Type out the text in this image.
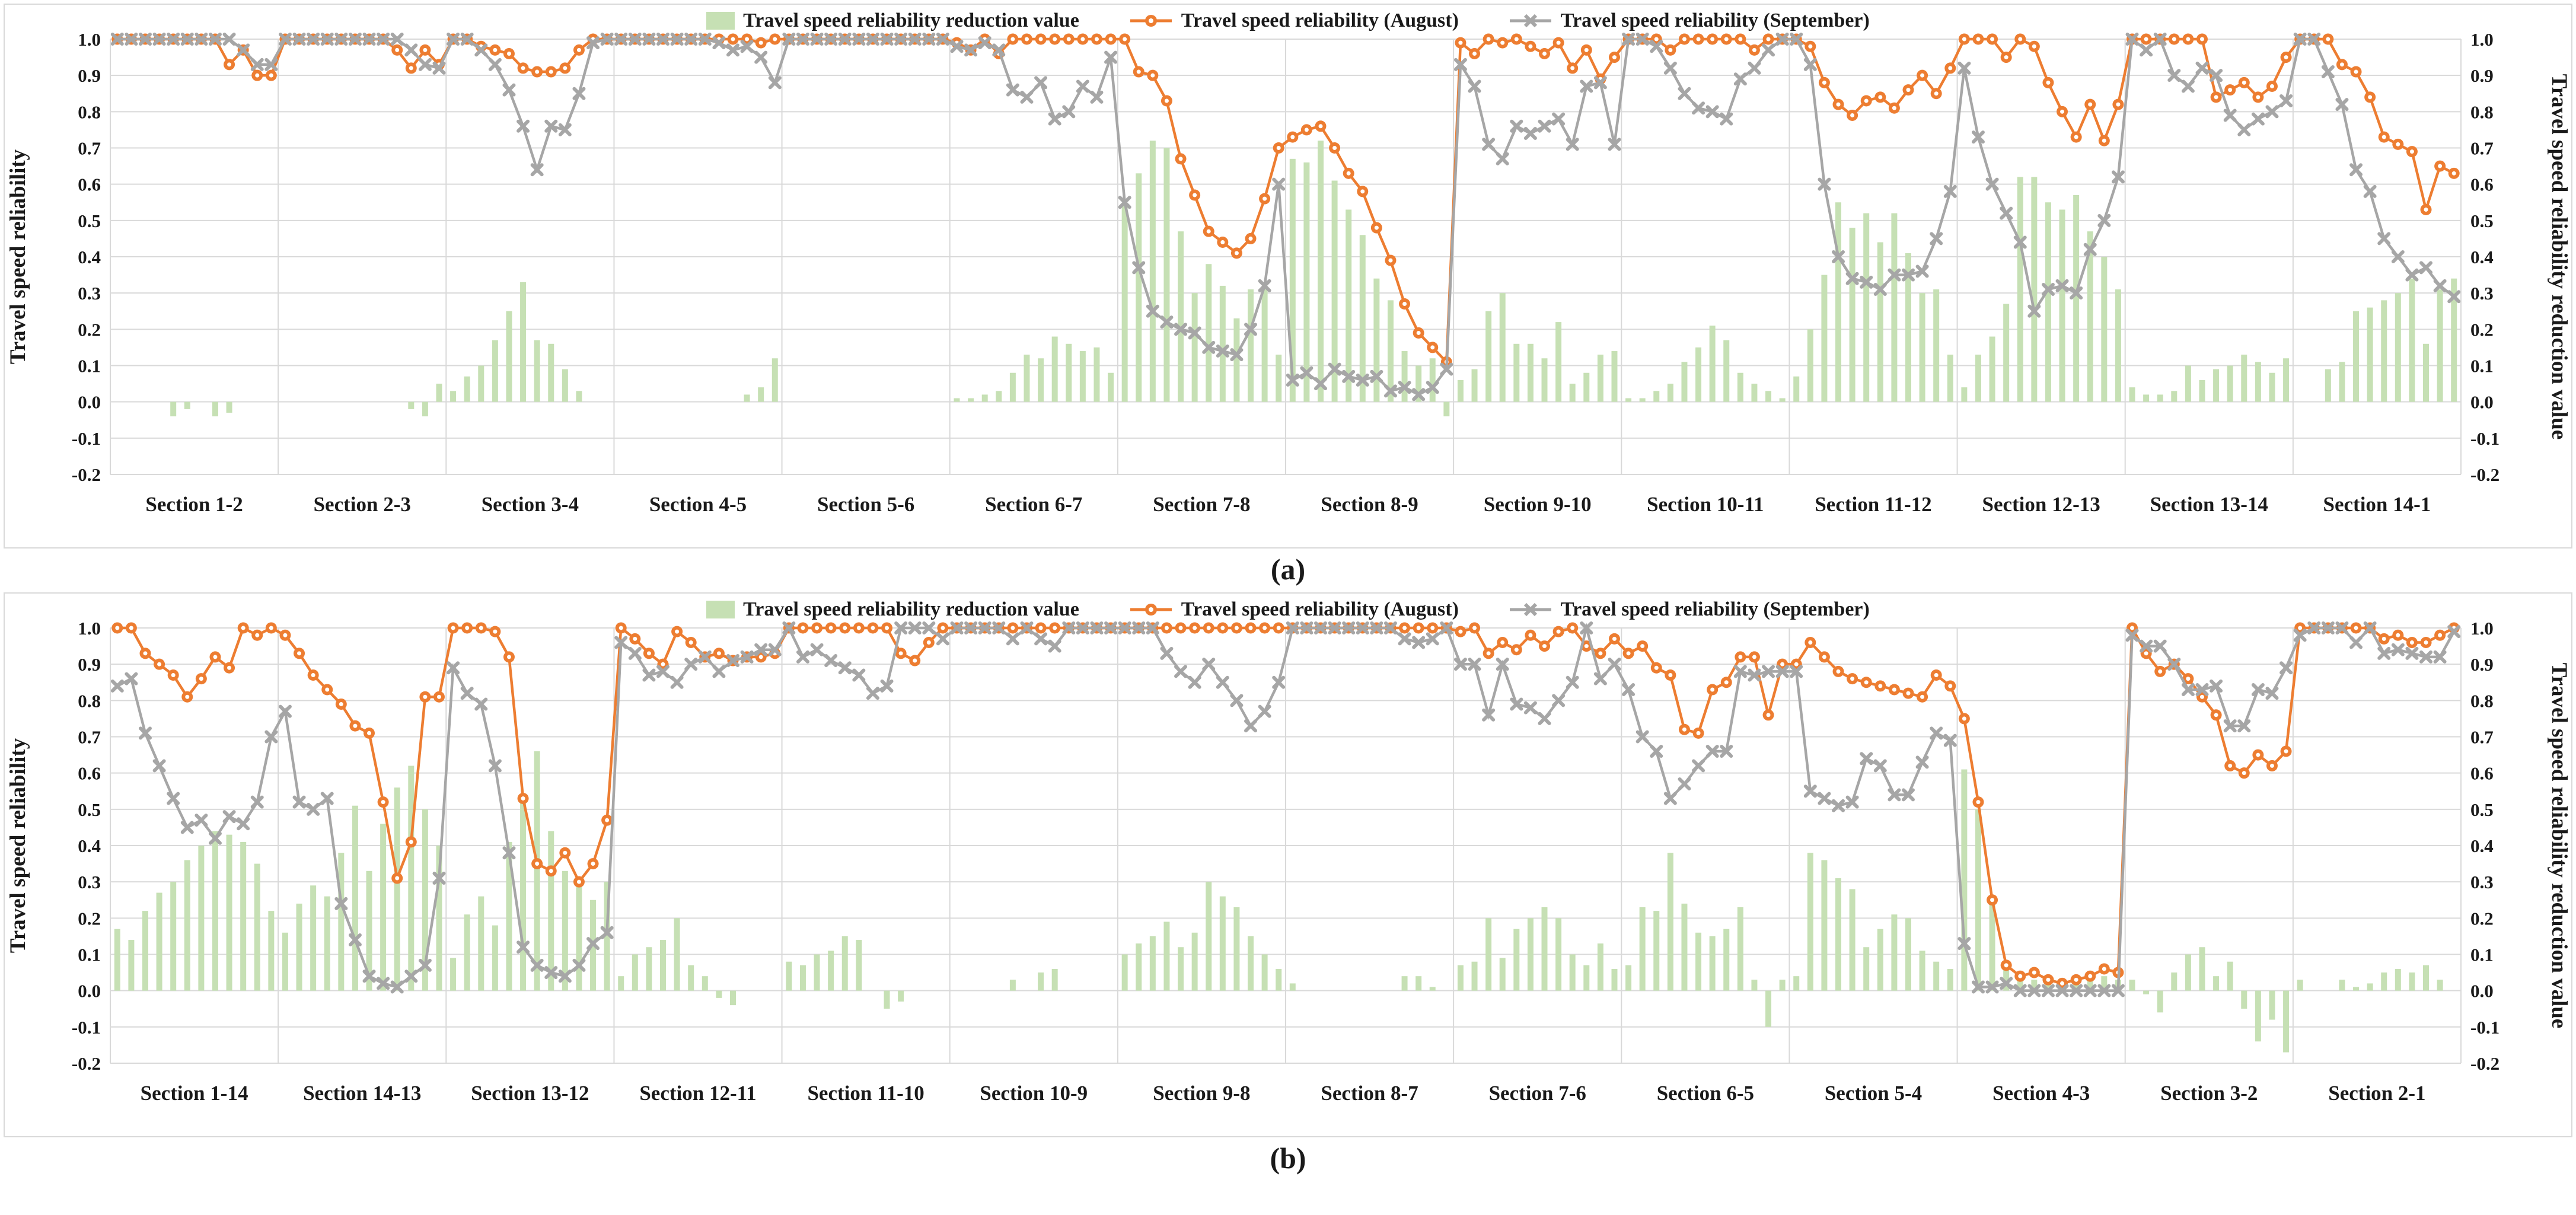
1.0	1.0
0.9	0.9
0.8	0.8
0.7	0.7
0.6	0.6
0.5	0.5
0.4	0.4
0.3	0.3
0.2	0.2
0.1	0.1
0.0	0.0
-0.1	-0.1
-0.2	-0.2
Section 1-2	Section 2-3	Section 3-4	Section 4-5	Section 5-6	Section 6-7	Section 7-8	Section 8-9	Section 9-10	Section 10-11 Section 11-12 Section 12-13 Section 13-14	Section 14-1
Travel speed reliability	Travel speed reliability reduction value
Travel speed reliability reduction value	Travel speed reliability (August)	Travel speed reliability (September)
(a)
1.0	1.0
0.9	0.9
0.8	0.8
0.7	0.7
0.6	0.6
0.5	0.5
0.4	0.4
0.3	0.3
0.2	0.2
0.1	0.1
0.0	0.0
-0.1	-0.1
-0.2	-0.2
Section 1-14	Section 14-13 Section 13-12 Section 12-11 Section 11-10	Section 10-9	Section 9-8	Section 8-7	Section 7-6	Section 6-5	Section 5-4	Section 4-3	Section 3-2	Section 2-1
Travel speed reliability	Travel speed reliability reduction value
Travel speed reliability reduction value	Travel speed reliability (August)	Travel speed reliability (September)
(b)
